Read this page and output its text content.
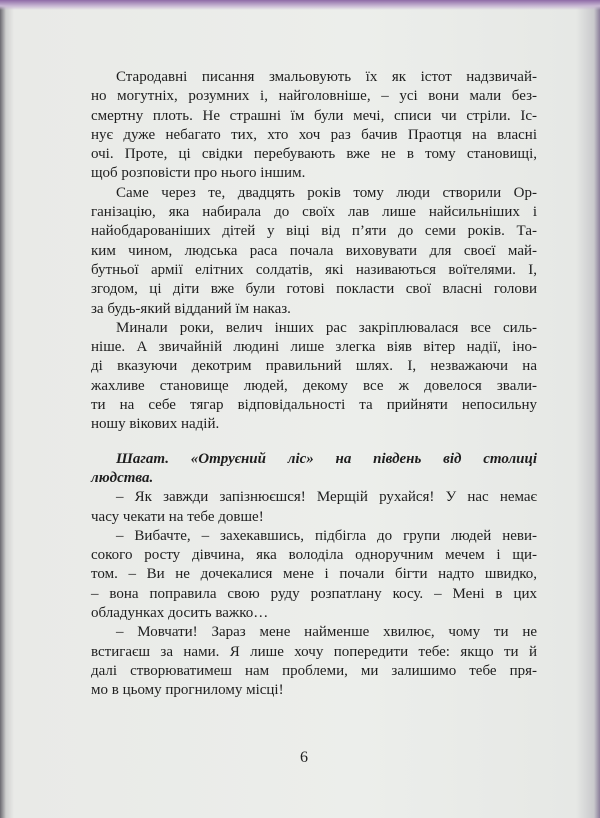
Стародавні писання змальовують їх як істот надзвичай-
но могутніх, розумних і, найголовніше, – усі вони мали без-
смертну плоть. Не страшні їм були мечі, списи чи стріли. Іс-
нує дуже небагато тих, хто хоч раз бачив Праотця на власні
очі. Проте, ці свідки перебувають вже не в тому становищі,
щоб розповісти про нього іншим.
Саме через те, двадцять років тому люди створили Ор-
ганізацію, яка набирала до своїх лав лише найсильніших і
найобдарованіших дітей у віці від п’яти до семи років. Та-
ким чином, людська раса почала виховувати для своєї май-
бутньої армії елітних солдатів, які називаються воїтелями. І,
згодом, ці діти вже були готові покласти свої власні голови
за будь-який відданий їм наказ.
Минали роки, велич інших рас закріплювалася все силь-
ніше. А звичайній людині лише злегка віяв вітер надії, іно-
ді вказуючи декотрим правильний шлях. І, незважаючи на
жахливе становище людей, декому все ж довелося звали-
ти на себе тягар відповідальності та прийняти непосильну
ношу вікових надій.
Шагат. «Отруєний ліс» на південь від столиці
людства.
– Як завжди запізнюєшся! Мерщій рухайся! У нас немає
часу чекати на тебе довше!
– Вибачте, – захекавшись, підбігла до групи людей неви-
сокого росту дівчина, яка володіла одноручним мечем і щи-
том. – Ви не дочекалися мене і почали бігти надто швидко,
– вона поправила свою руду розпатлану косу. – Мені в цих
обладунках досить важко…
– Мовчати! Зараз мене найменше хвилює, чому ти не
встигаєш за нами. Я лише хочу попередити тебе: якщо ти й
далі створюватимеш нам проблеми, ми залишимо тебе пря-
мо в цьому прогнилому місці!
6
